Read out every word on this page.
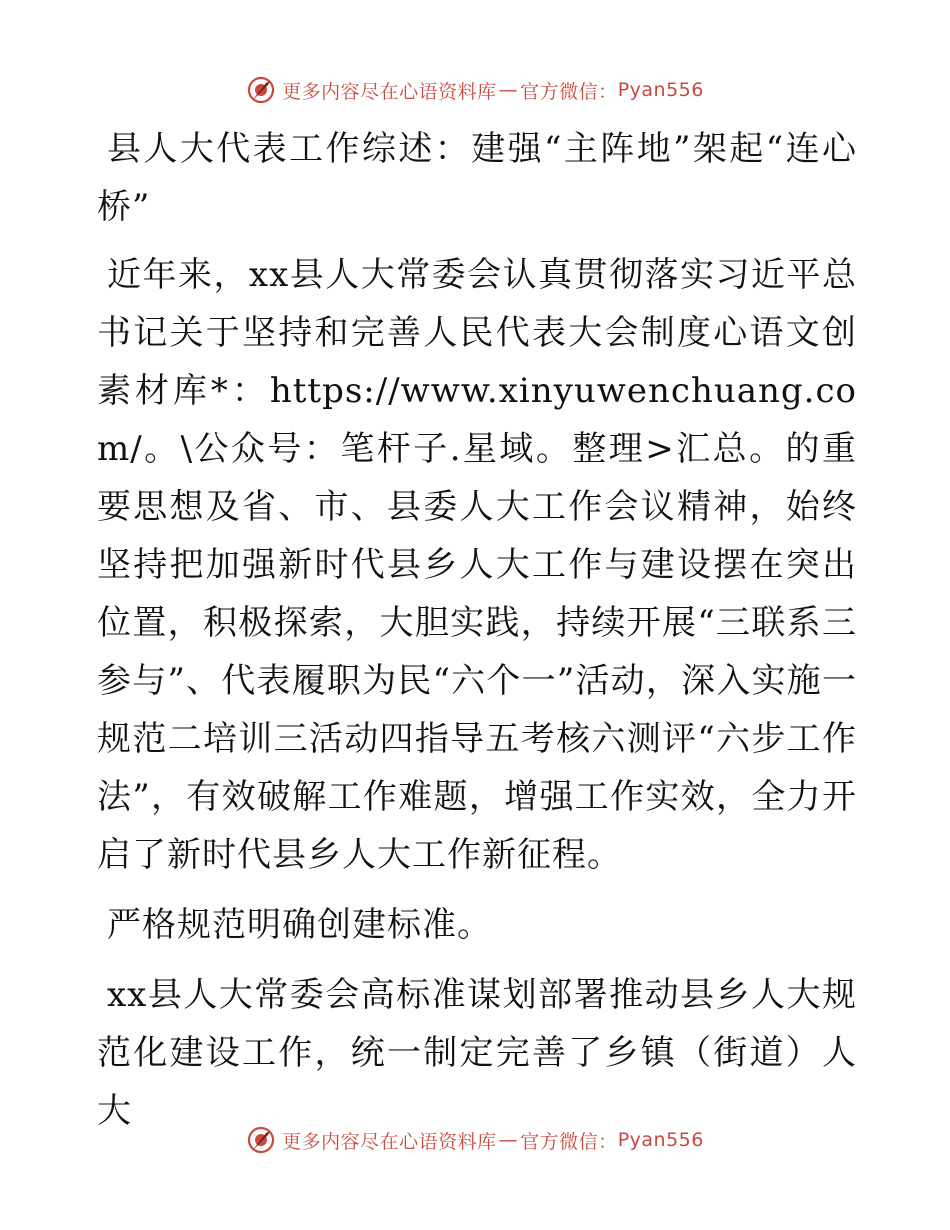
更多内容尽在心语资料库 — 官方微信： Pyan556

县人大代表工作综述：建强“主阵地”架起“连心桥”

近年来，xx县人大常委会认真贯彻落实习近平总书记关于坚持和完善人民代表大会制度心语文创素材库*：https://www.xinyuwenchuang.com/。\公众号：笔杆子.星域。整理>汇总。的重要思想及省、市、县委人大工作会议精神，始终坚持把加强新时代县乡人大工作与建设摆在突出位置，积极探索，大胆实践，持续开展“三联系三参与”、代表履职为民“六个一”活动，深入实施一规范二培训三活动四指导五考核六测评“六步工作法”，有效破解工作难题，增强工作实效，全力开启了新时代县乡人大工作新征程。

严格规范明确创建标准。

xx县人大常委会高标准谋划部署推动县乡人大规范化建设工作，统一制定完善了乡镇（街道）人大

更多内容尽在心语资料库 — 官方微信： Pyan556
